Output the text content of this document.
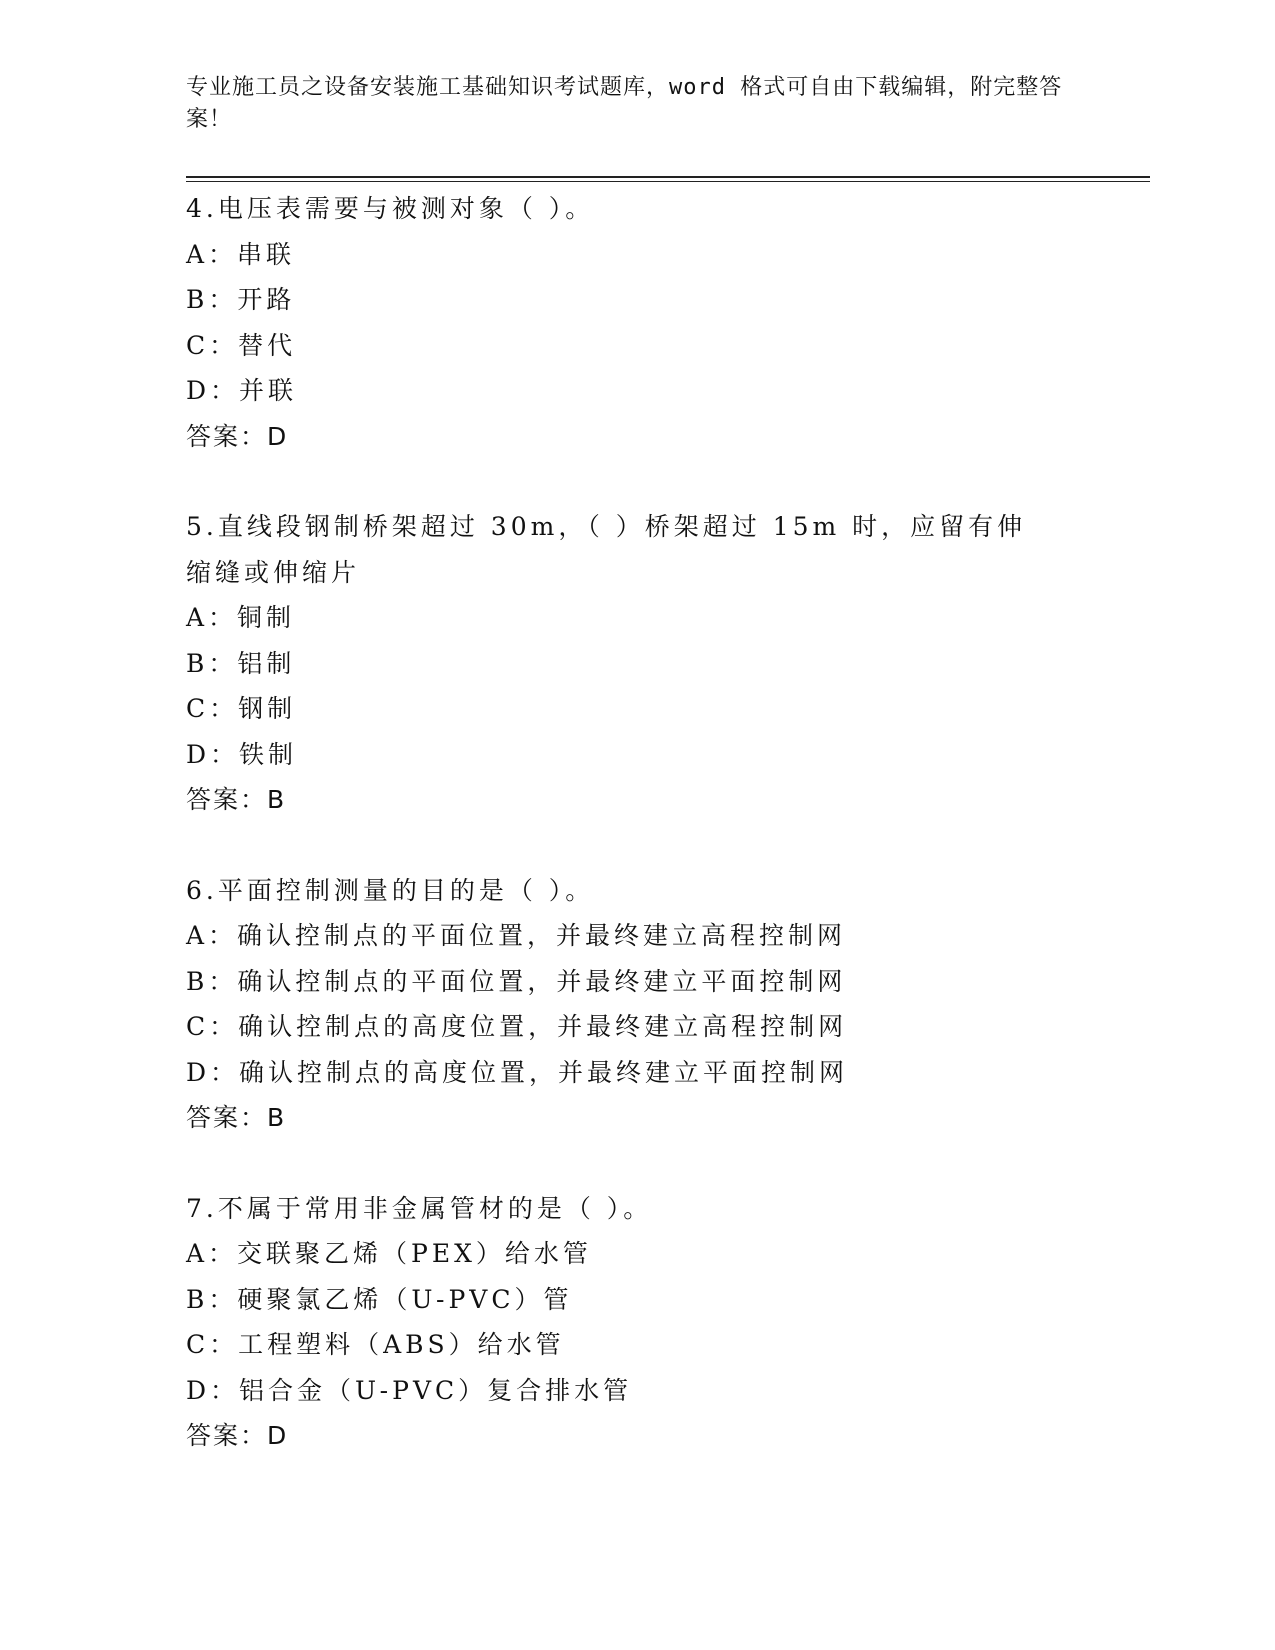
专业施工员之设备安装施工基础知识考试题库，word 格式可自由下载编辑，附完整答案！
4.电压表需要与被测对象（ ）。
A：串联
B：开路
C：替代
D：并联
答案：D
5.直线段钢制桥架超过 30m，（ ）桥架超过 15m 时，应留有伸缩缝或伸缩片
A：铜制
B：铝制
C：钢制
D：铁制
答案：B
6.平面控制测量的目的是（ ）。
A：确认控制点的平面位置，并最终建立高程控制网
B：确认控制点的平面位置，并最终建立平面控制网
C：确认控制点的高度位置，并最终建立高程控制网
D：确认控制点的高度位置，并最终建立平面控制网
答案：B
7.不属于常用非金属管材的是（ ）。
A：交联聚乙烯（PEX）给水管
B：硬聚氯乙烯（U-PVC）管
C：工程塑料（ABS）给水管
D：铝合金（U-PVC）复合排水管
答案：D
